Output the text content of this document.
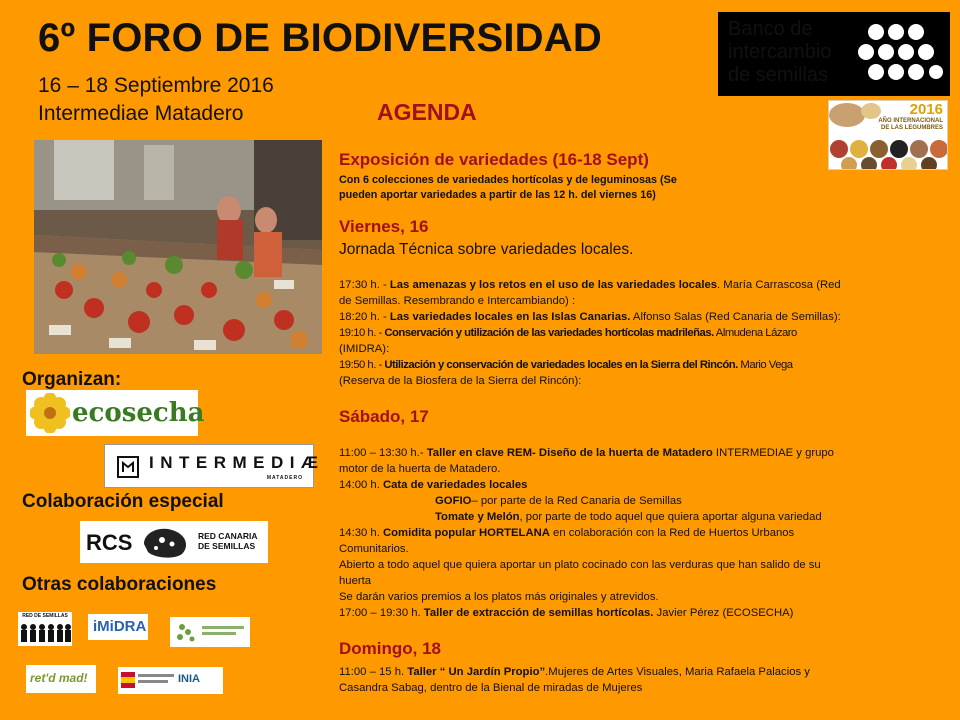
6º FORO DE BIODIVERSIDAD
16 – 18 Septiembre 2016
Intermediae Matadero	AGENDA
Banco de
intercambio
de semillas
2016
AÑO INTERNACIONAL
DE LAS LEGUMBRES
Organizan:
Colaboración especial
Otras colaboraciones
ecosecha
INTERMEDIÆ
MATADERO
RCS	RED CANARIA
DE SEMILLAS
RED DE SEMILLAS
iMiDRA
ret'd mad!	INIA
Exposición de variedades (16-18 Sept)
Con 6 colecciones de variedades hortícolas y de leguminosas (Se
pueden aportar variedades a partir de las 12 h. del viernes 16)
Viernes, 16
Jornada Técnica sobre variedades locales.
17:30 h. - Las amenazas y los retos en el uso de las variedades locales. María Carrascosa (Red
de Semillas. Resembrando e Intercambiando) :
18:20 h. - Las variedades locales en las Islas Canarias. Alfonso Salas (Red Canaria de Semillas):
19:10 h. - Conservación y utilización de las variedades hortícolas madrileñas. Almudena Lázaro
(IMIDRA):
19:50 h. - Utilización y conservación de variedades locales en la Sierra del Rincón. Mario Vega
(Reserva de la Biosfera de la Sierra del Rincón):
Sábado, 17
11:00 – 13:30 h.- Taller en clave REM- Diseño de la huerta de Matadero INTERMEDIAE y grupo
motor de la huerta de Matadero.
14:00 h. Cata de variedades locales
GOFIO– por parte de la Red Canaria de Semillas
Tomate y Melón, por parte de todo aquel que quiera aportar alguna variedad
14:30 h. Comidita popular HORTELANA en colaboración con la Red de Huertos Urbanos
Comunitarios.
Abierto a todo aquel que quiera aportar un plato cocinado con las verduras que han salido de su
huerta
Se darán varios premios a los platos más originales y atrevidos.
17:00 – 19:30 h. Taller de extracción de semillas hortícolas. Javier Pérez (ECOSECHA)
Domingo, 18
11:00 – 15 h. Taller “ Un Jardín Propio”.Mujeres de Artes Visuales, Maria Rafaela Palacios y
Casandra Sabag, dentro de la Bienal de miradas de Mujeres
